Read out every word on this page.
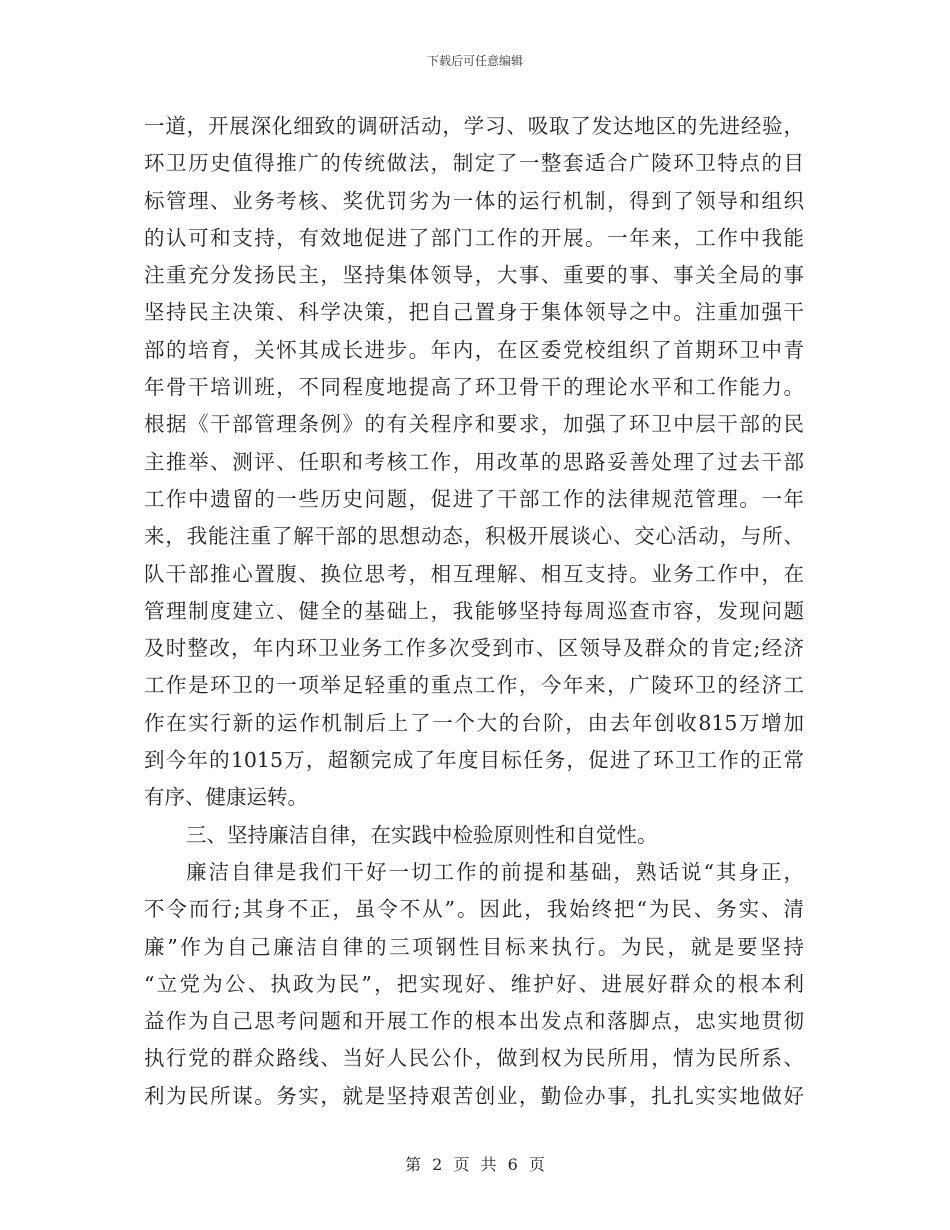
下载后可任意编辑
一道，开展深化细致的调研活动，学习、吸取了发达地区的先进经验，
环卫历史值得推广的传统做法，制定了一整套适合广陵环卫特点的目
标管理、业务考核、奖优罚劣为一体的运行机制，得到了领导和组织
的认可和支持，有效地促进了部门工作的开展。一年来，工作中我能
注重充分发扬民主，坚持集体领导，大事、重要的事、事关全局的事
坚持民主决策、科学决策，把自己置身于集体领导之中。注重加强干
部的培育，关怀其成长进步。年内，在区委党校组织了首期环卫中青
年骨干培训班，不同程度地提高了环卫骨干的理论水平和工作能力。
根据《干部管理条例》的有关程序和要求，加强了环卫中层干部的民
主推举、测评、任职和考核工作，用改革的思路妥善处理了过去干部
工作中遗留的一些历史问题，促进了干部工作的法律规范管理。一年
来，我能注重了解干部的思想动态，积极开展谈心、交心活动，与所、
队干部推心置腹、换位思考，相互理解、相互支持。业务工作中，在
管理制度建立、健全的基础上，我能够坚持每周巡查市容，发现问题
及时整改，年内环卫业务工作多次受到市、区领导及群众的肯定;经济
工作是环卫的一项举足轻重的重点工作，今年来，广陵环卫的经济工
作在实行新的运作机制后上了一个大的台阶，由去年创收815万增加
到今年的1015万，超额完成了年度目标任务，促进了环卫工作的正常
有序、健康运转。
三、坚持廉洁自律，在实践中检验原则性和自觉性。
廉洁自律是我们干好一切工作的前提和基础，熟话说“其身正，
不令而行;其身不正，虽令不从”。因此，我始终把“为民、务实、清
廉”作为自己廉洁自律的三项钢性目标来执行。为民，就是要坚持
“立党为公、执政为民”，把实现好、维护好、进展好群众的根本利
益作为自己思考问题和开展工作的根本出发点和落脚点，忠实地贯彻
执行党的群众路线、当好人民公仆，做到权为民所用，情为民所系、
利为民所谋。务实，就是坚持艰苦创业，勤俭办事，扎扎实实地做好
第 2 页 共 6 页
